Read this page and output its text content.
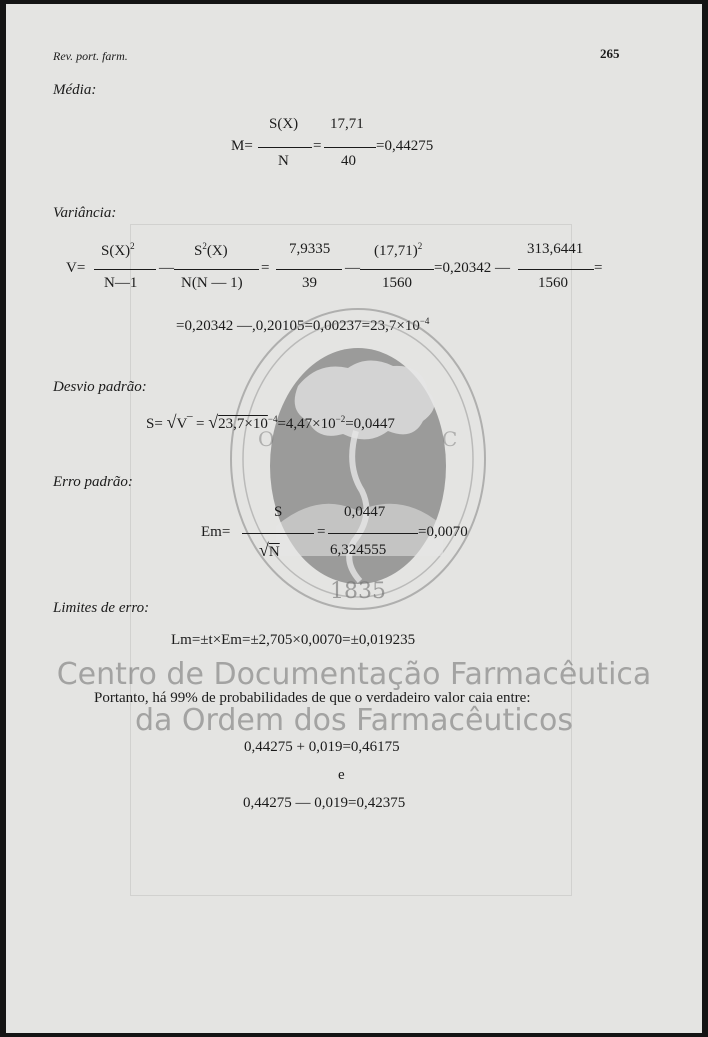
Rev. port. farm.	265
Média:
M=
S(X)
N
=
17,71
40
=0,44275
Variância:
V=
$S(X)^2$
N—1
—
$S^2(X)$
N(N — 1)
=
7,9335
39
—
$(17,71)^2$
1560
=0,20342 —
313,6441
1560
=
=0,20342 $—,0,20105=0,00237=23,7\times 10^{-4}$
1835
O	C
Desvio padrão:
S= √V‾ = $√23,7\times 10^{-4}=4,47\times 10^{-2}=0,0447$
Erro padrão:
Em=
S
√N
=
0,0447
6,324555
=0,0070
Limites de erro:
Lm=±t×Em=±2,705×0,0070=±0,019235
Centro de Documentação Farmacêutica
Portanto, há 99% de probabilidades de que o verdadeiro valor caia entre:
da Ordem dos Farmacêuticos
0,44275 + 0,019=0,46175
e
0,44275 — 0,019=0,42375
